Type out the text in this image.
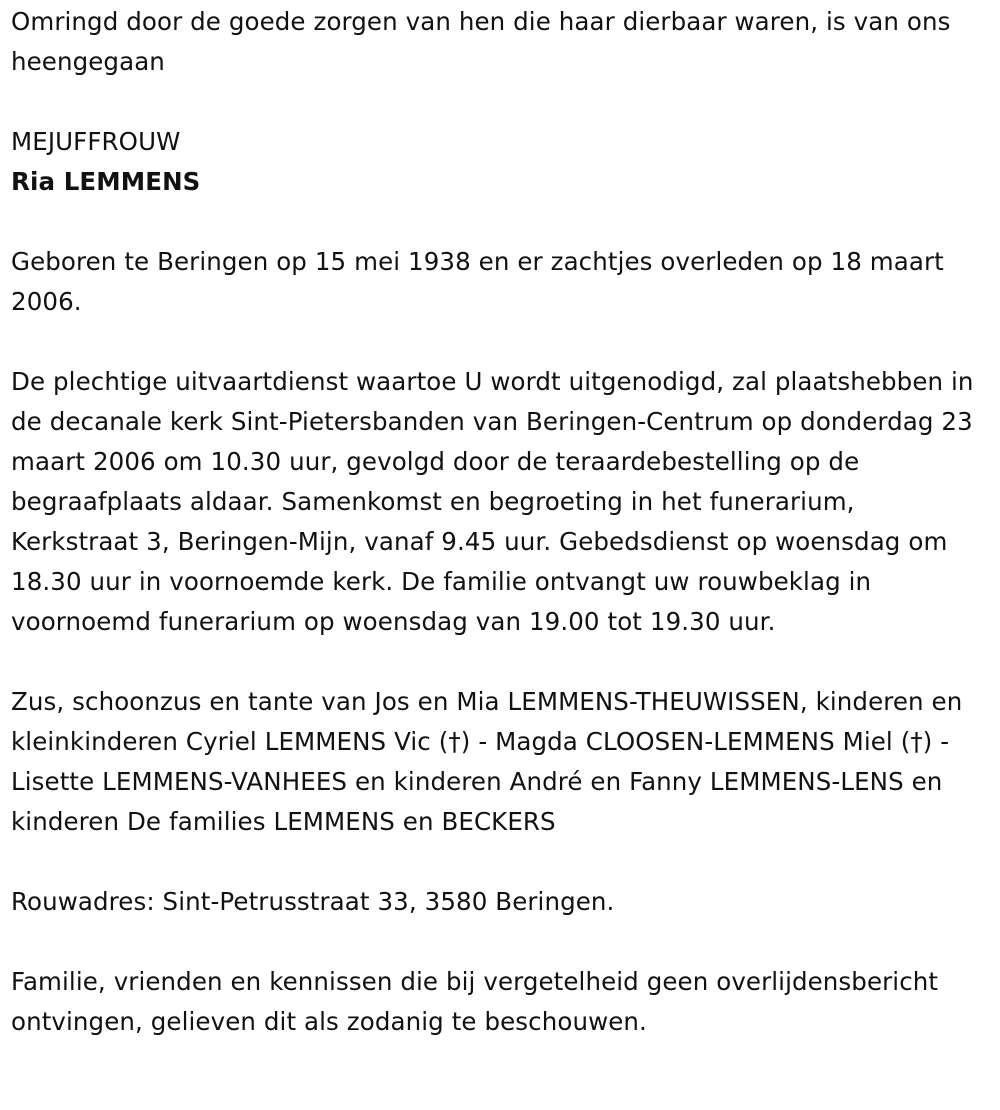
Omringd door de goede zorgen van hen die haar dierbaar waren, is van ons heengegaan

MEJUFFROUW

Ria LEMMENS

Geboren te Beringen op 15 mei 1938 en er zachtjes overleden op 18 maart 2006.

De plechtige uitvaartdienst waartoe U wordt uitgenodigd, zal plaatshebben in de decanale kerk Sint-Pietersbanden van Beringen-Centrum op donderdag 23 maart 2006 om 10.30 uur, gevolgd door de teraardebestelling op de begraafplaats aldaar. Samenkomst en begroeting in het funerarium, Kerkstraat 3, Beringen-Mijn, vanaf 9.45 uur. Gebedsdienst op woensdag om 18.30 uur in voornoemde kerk. De familie ontvangt uw rouwbeklag in voornoemd funerarium op woensdag van 19.00 tot 19.30 uur.

Zus, schoonzus en tante van Jos en Mia LEMMENS-THEUWISSEN, kinderen en kleinkinderen Cyriel LEMMENS Vic (†) - Magda CLOOSEN-LEMMENS Miel (†) - Lisette LEMMENS-VANHEES en kinderen André en Fanny LEMMENS-LENS en kinderen De families LEMMENS en BECKERS

Rouwadres: Sint-Petrusstraat 33, 3580 Beringen.

Familie, vrienden en kennissen die bij vergetelheid geen overlijdensbericht ontvingen, gelieven dit als zodanig te beschouwen.
